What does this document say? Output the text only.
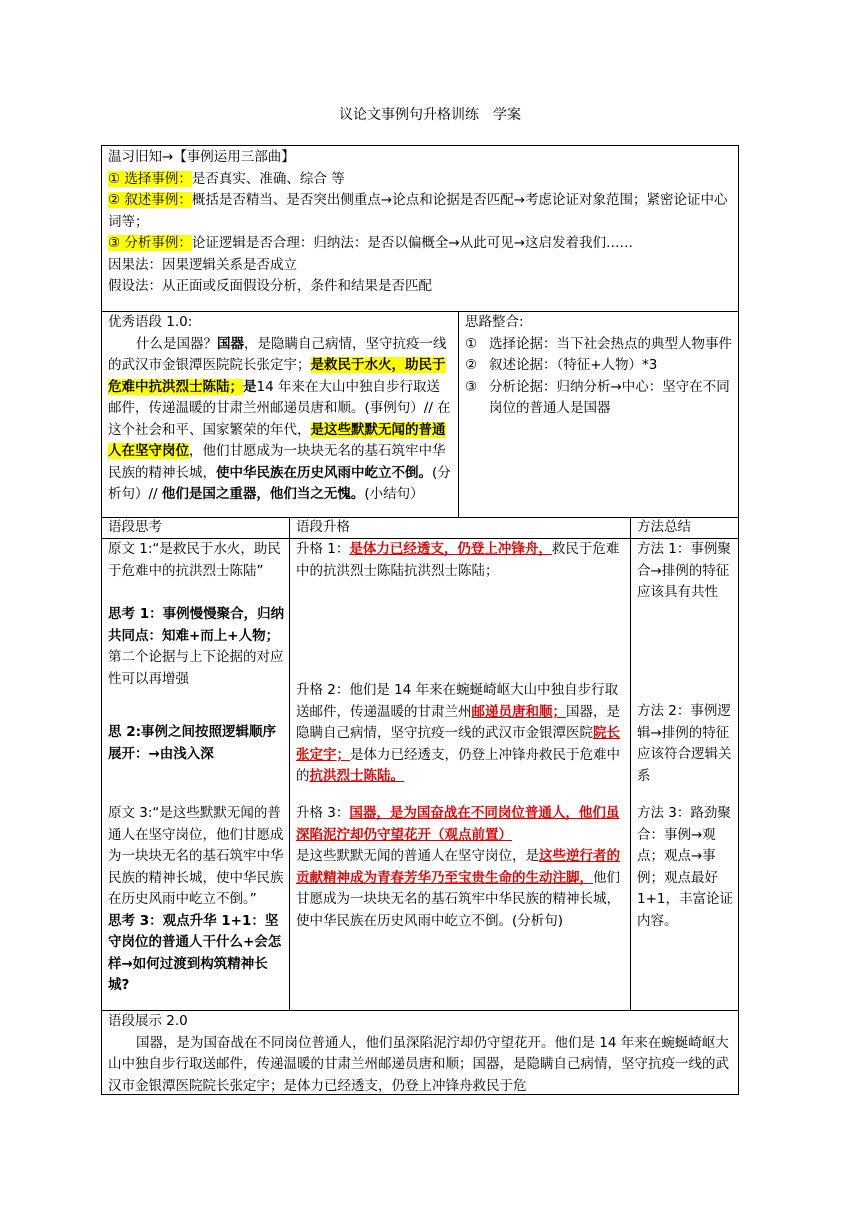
议论文事例句升格训练　学案

温习旧知→【事例运用三部曲】

① 选择事例：是否真实、准确、综合 等

② 叙述事例：概括是否精当、是否突出侧重点→论点和论据是否匹配→考虑论证对象范围；紧密论证中心词等；

③ 分析事例：论证逻辑是否合理：归纳法：是否以偏概全→从此可见→这启发着我们……

因果法：因果逻辑关系是否成立

假设法：从正面或反面假设分析，条件和结果是否匹配

优秀语段 1.0:

什么是国器？国器，是隐瞒自己病情，坚守抗疫一线的武汉市金银潭医院院长张定宇；是救民于水火，助民于危难中抗洪烈士陈陆；是14 年来在大山中独自步行取送邮件，传递温暖的甘肃兰州邮递员唐和顺。(事例句）// 在这个社会和平、国家繁荣的年代，是这些默默无闻的普通人在坚守岗位，他们甘愿成为一块块无名的基石筑牢中华民族的精神长城，使中华民族在历史风雨中屹立不倒。(分析句）// 他们是国之重器，他们当之无愧。(小结句）

思路整合:

① 选择论据：当下社会热点的典型人物事件
② 叙述论据：（特征+人物）*3
③ 分析论据：归纳分析→中心：坚守在不同岗位的普通人是国器
语段思考	语段升格	方法总结

原文 1:“是救民于水火，助民于危难中的抗洪烈士陈陆”

思考 1：事例慢慢聚合，归纳共同点：知难+而上+人物；

第二个论据与上下论据的对应性可以再增强

思 2:事例之间按照逻辑顺序展开：→由浅入深

原文 3:“是这些默默无闻的普通人在坚守岗位，他们甘愿成为一块块无名的基石筑牢中华民族的精神长城，使中华民族在历史风雨中屹立不倒。”

思考 3：观点升华 1+1：坚守岗位的普通人干什么+会怎样→如何过渡到构筑精神长城?

升格 1：是体力已经透支，仍登上冲锋舟，救民于危难中的抗洪烈士陈陆抗洪烈士陈陆；

升格 2：他们是 14 年来在蜿蜒崎岖大山中独自步行取送邮件，传递温暖的甘肃兰州邮递员唐和顺；国器，是隐瞒自己病情，坚守抗疫一线的武汉市金银潭医院院长张定宇；是体力已经透支，仍登上冲锋舟救民于危难中的抗洪烈士陈陆。

升格 3：国器，是为国奋战在不同岗位普通人，他们虽深陷泥泞却仍守望花开（观点前置）

是这些默默无闻的普通人在坚守岗位，是这些逆行者的贡献精神成为青春芳华乃至宝贵生命的生动注脚，他们甘愿成为一块块无名的基石筑牢中华民族的精神长城，使中华民族在历史风雨中屹立不倒。(分析句)

方法 1：事例聚合→排例的特征应该具有共性
方法 2：事例逻辑→排例的特征应该符合逻辑关系
方法 3：路劲聚合：事例→观点；观点→事例；观点最好 1+1，丰富论证内容。

语段展示 2.0

国器，是为国奋战在不同岗位普通人，他们虽深陷泥泞却仍守望花开。他们是 14 年来在蜿蜒崎岖大山中独自步行取送邮件，传递温暖的甘肃兰州邮递员唐和顺；国器，是隐瞒自己病情，坚守抗疫一线的武汉市金银潭医院院长张定宇；是体力已经透支，仍登上冲锋舟救民于危
